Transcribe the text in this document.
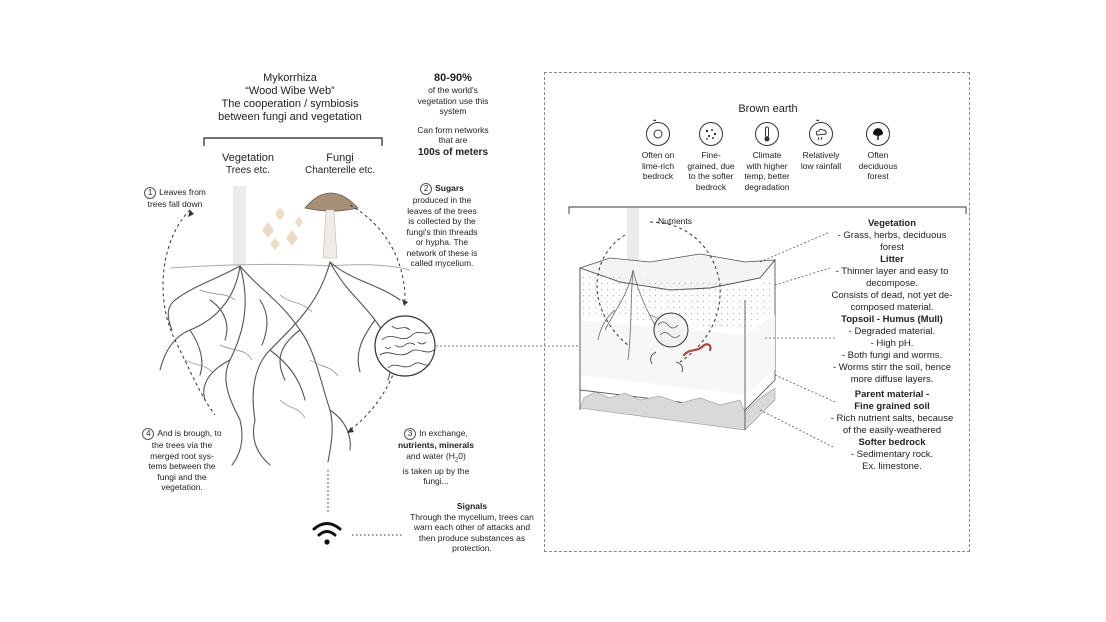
Mykorrhiza
“Wood Wibe Web”
The cooperation / symbiosis
between fungi and vegetation
80-90%
of the world's
vegetation use this
system
Can form networks
that are
100s of meters
Vegetation
Trees etc.
Fungi
Chanterelle etc.
1 Leaves from
trees fall down
2 Sugars
produced in the
leaves of the trees
is collected by the
fungi's thin threads
or hypha. The
network of these is
called mycelium.
3 In exchange,
nutrients, minerals
and water $(H_20)$
is taken up by the
fungi...
4 And is brough, to
the trees via the
merged root sys-
tems between the
fungi and the
vegetation.
Signals
Through the mycelium, trees can
warn each other of attacks and
then produce substances as
protection.
Brown earth
-
Often on
lime-rich
bedrock
Fine-
grained, due
to the softer
bedrock
Climate
with higher
temp, better
degradation
-
Relatively
low rainfall
Often
deciduous
forest
Nutrients	Vegetation
- Grass, herbs, deciduous
forest
Litter
- Thinner layer and easy to
decompose.
Consists of dead, not yet de-
composed material.
Topsoil - Humus (Mull)
- Degraded material.
- High pH.
- Both fungi and worms.
- Worms stirr the soil, hence
more diffuse layers.
Parent material -
Fine grained soil
- Rich nutrient salts, because
of the easily-weathered
Softer bedrock
- Sedimentary rock.
Ex. limestone.
